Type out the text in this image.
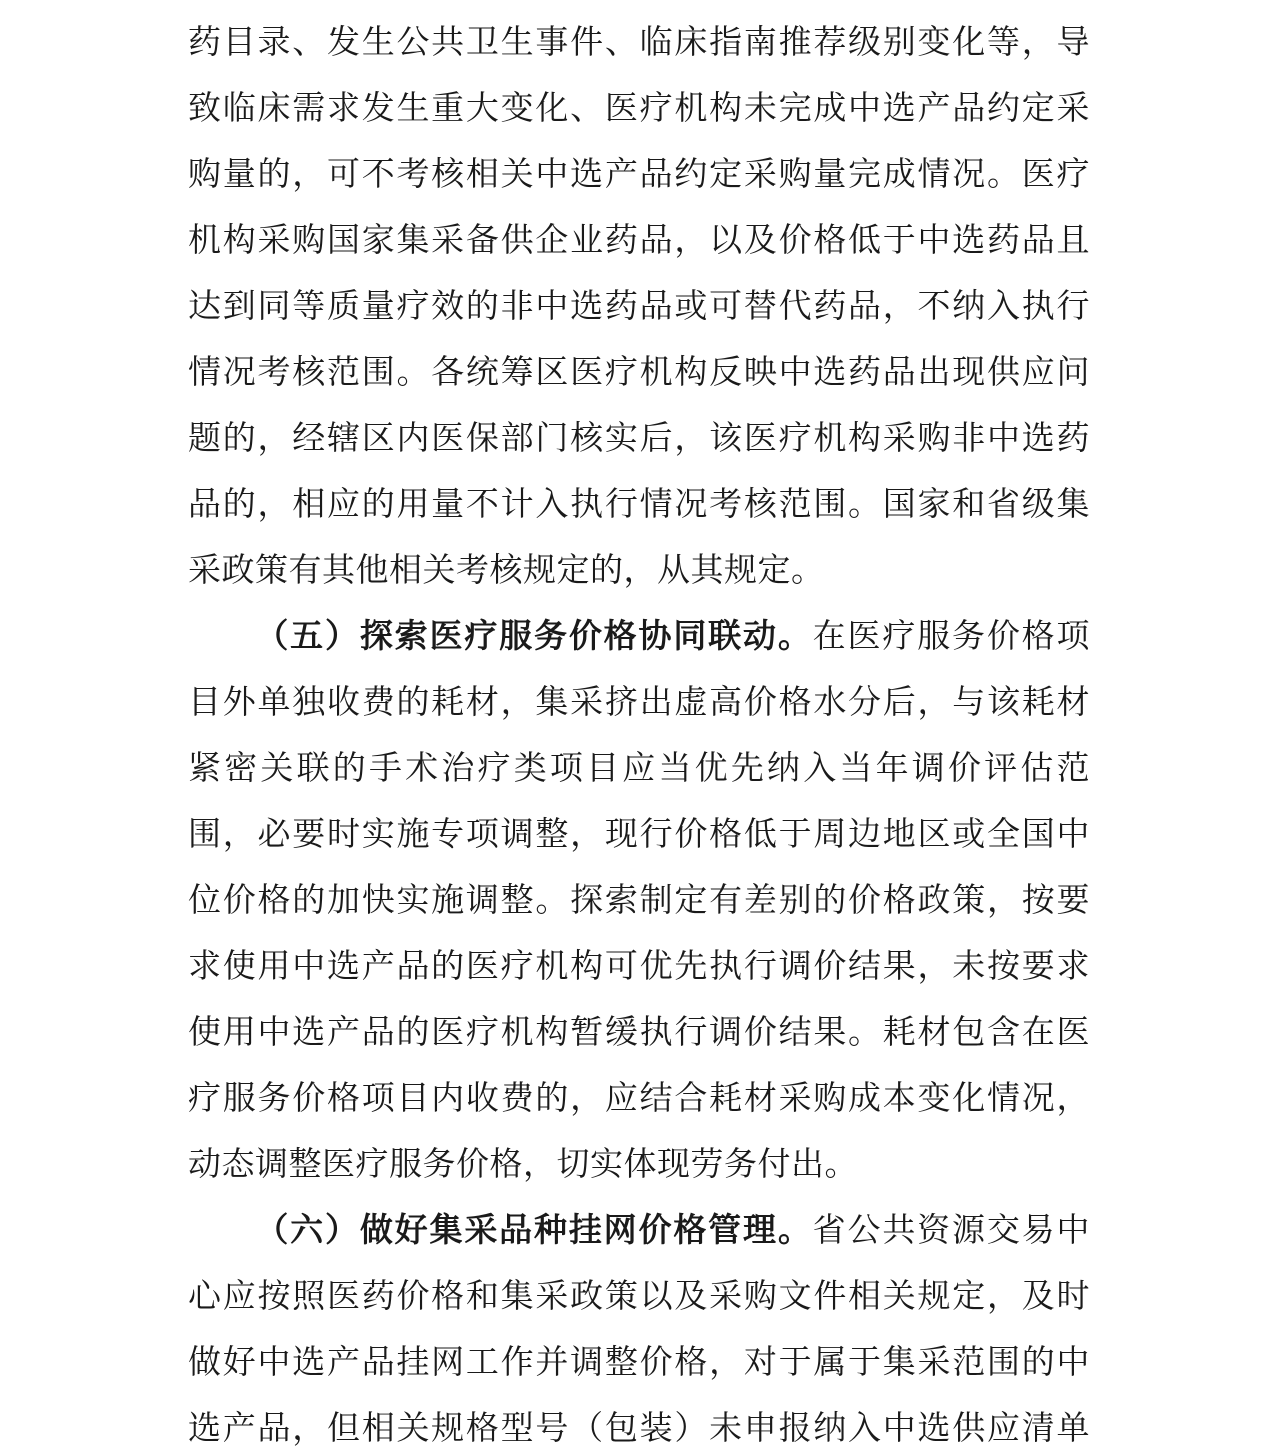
药目录、发生公共卫生事件、临床指南推荐级别变化等，导
致临床需求发生重大变化、医疗机构未完成中选产品约定采
购量的，可不考核相关中选产品约定采购量完成情况。医疗
机构采购国家集采备供企业药品，以及价格低于中选药品且
达到同等质量疗效的非中选药品或可替代药品，不纳入执行
情况考核范围。各统筹区医疗机构反映中选药品出现供应问
题的，经辖区内医保部门核实后，该医疗机构采购非中选药
品的，相应的用量不计入执行情况考核范围。国家和省级集
采政策有其他相关考核规定的，从其规定。
（五）探索医疗服务价格协同联动。在医疗服务价格项
目外单独收费的耗材，集采挤出虚高价格水分后，与该耗材
紧密关联的手术治疗类项目应当优先纳入当年调价评估范
围，必要时实施专项调整，现行价格低于周边地区或全国中
位价格的加快实施调整。探索制定有差别的价格政策，按要
求使用中选产品的医疗机构可优先执行调价结果，未按要求
使用中选产品的医疗机构暂缓执行调价结果。耗材包含在医
疗服务价格项目内收费的，应结合耗材采购成本变化情况，
动态调整医疗服务价格，切实体现劳务付出。
（六）做好集采品种挂网价格管理。省公共资源交易中
心应按照医药价格和集采政策以及采购文件相关规定，及时
做好中选产品挂网工作并调整价格，对于属于集采范围的中
选产品，但相关规格型号（包装）未申报纳入中选供应清单
